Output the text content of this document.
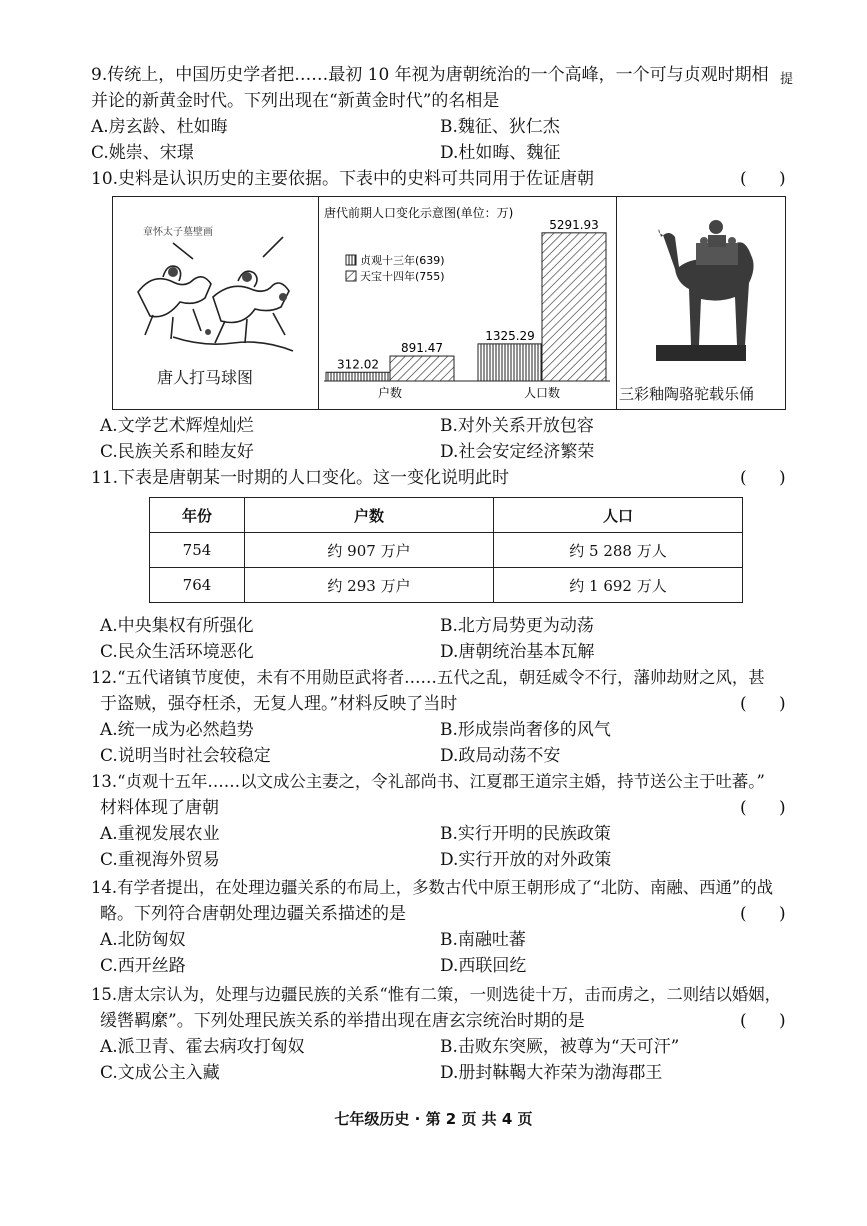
9.传统上，中国历史学者把……最初 10 年视为唐朝统治的一个高峰，一个可与贞观时期相 提
并论的新黄金时代。下列出现在“新黄金时代”的名相是
A.房玄龄、杜如晦	B.魏征、狄仁杰
C.姚崇、宋璟	D.杜如晦、魏征
10.史料是认识历史的主要依据。下表中的史料可共同用于佐证唐朝	(      )
章怀太子墓壁画
唐人打马球图
唐代前期人口变化示意图(单位：万)
贞观十三年(639)
天宝十四年(755)
312.02
891.47
1325.29
5291.93
户数	人口数	三彩釉陶骆驼载乐俑
A.文学艺术辉煌灿烂	B.对外关系开放包容
C.民族关系和睦友好	D.社会安定经济繁荣
11.下表是唐朝某一时期的人口变化。这一变化说明此时	(      )
年份	户数	人口
754	约 907 万户	约 5 288 万人
764	约 293 万户	约 1 692 万人
A.中央集权有所强化	B.北方局势更为动荡
C.民众生活环境恶化	D.唐朝统治基本瓦解
12.“五代诸镇节度使，未有不用勋臣武将者……五代之乱，朝廷威令不行，藩帅劫财之风，甚
于盗贼，强夺枉杀，无复人理。”材料反映了当时	(      )
A.统一成为必然趋势	B.形成崇尚奢侈的风气
C.说明当时社会较稳定	D.政局动荡不安
13.“贞观十五年……以文成公主妻之，令礼部尚书、江夏郡王道宗主婚，持节送公主于吐蕃。”
材料体现了唐朝	(      )
A.重视发展农业	B.实行开明的民族政策
C.重视海外贸易	D.实行开放的对外政策
14.有学者提出，在处理边疆关系的布局上，多数古代中原王朝形成了“北防、南融、西通”的战
略。下列符合唐朝处理边疆关系描述的是	(      )
A.北防匈奴	B.南融吐蕃
C.西开丝路	D.西联回纥
15.唐太宗认为，处理与边疆民族的关系“惟有二策，一则选徒十万，击而虏之，二则结以婚姻，
缓辔羁縻”。下列处理民族关系的举措出现在唐玄宗统治时期的是	(      )
A.派卫青、霍去病攻打匈奴	B.击败东突厥，被尊为“天可汗”
C.文成公主入藏	D.册封靺鞨大祚荣为渤海郡王
七年级历史 · 第 2 页 共 4 页
